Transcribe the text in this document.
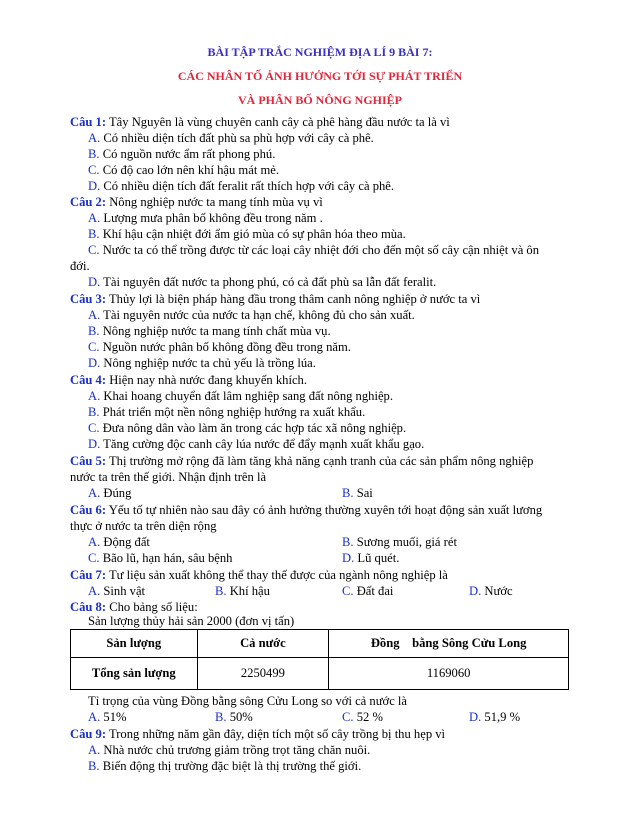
BÀI TẬP TRẮC NGHIỆM ĐỊA LÍ 9 BÀI 7:
CÁC NHÂN TỐ ẢNH HƯỞNG TỚI SỰ PHÁT TRIỂN
VÀ PHÂN BỐ NÔNG NGHIỆP
Câu 1: Tây Nguyên là vùng chuyên canh cây cà phê hàng đầu nước ta là vì
A. Có nhiều diện tích đất phù sa phù hợp với cây cà phê.
B. Có nguồn nước ẩm rất phong phú.
C. Có độ cao lớn nên khí hậu mát mẻ.
D. Có nhiều diện tích đất feralit rất thích hợp với cây cà phê.
Câu 2: Nông nghiệp nước ta mang tính mùa vụ vì
A. Lượng mưa phân bố không đều trong năm .
B. Khí hậu cận nhiệt đới ẩm gió mùa có sự phân hóa theo mùa.
C. Nước ta có thể trồng được từ các loại cây nhiệt đới cho đến một số cây cận nhiệt và ôn
đới.
D. Tài nguyên đất nước ta phong phú, có cả đất phù sa lẫn đất feralit.
Câu 3: Thủy lợi là biện pháp hàng đầu trong thâm canh nông nghiệp ở nước ta vì
A. Tài nguyên nước của nước ta hạn chế, không đủ cho sản xuất.
B. Nông nghiệp nước ta mang tính chất mùa vụ.
C. Nguồn nước phân bố không đồng đều trong năm.
D. Nông nghiệp nước ta chủ yếu là trồng lúa.
Câu 4: Hiện nay nhà nước đang khuyến khích.
A. Khai hoang chuyển đất lâm nghiệp sang đất nông nghiệp.
B. Phát triển một nền nông nghiệp hướng ra xuất khẩu.
C. Đưa nông dân vào làm ăn trong các hợp tác xã nông nghiệp.
D. Tăng cường độc canh cây lúa nước để đẩy mạnh xuất khẩu gạo.
Câu 5: Thị trường mở rộng đã làm tăng khả năng cạnh tranh của các sản phẩm nông nghiệp
nước ta trên thế giới. Nhận định trên là
A. Đúng	B. Sai
Câu 6: Yếu tố tự nhiên nào sau đây có ảnh hưởng thường xuyên tới hoạt động sản xuất lương
thực ở nước ta trên diện rộng
A. Động đất	B. Sương muối, giá rét
C. Bão lũ, hạn hán, sâu bệnh	D. Lũ quét.
Câu 7: Tư liệu sản xuất không thể thay thế được của ngành nông nghiệp là
A. Sinh vật	B. Khí hậu	C. Đất đai	D. Nước
Câu 8: Cho bảng số liệu:
Sản lượng thủy hải sản 2000 (đơn vị tấn)
Sản lượng	Cả nước	Đồng    bằng Sông Cửu Long
Tổng sản lượng	2250499	1169060
Tỉ trọng của vùng Đồng bằng sông Cửu Long so với cả nước là
A. 51%	B. 50%	C. 52 %	D. 51,9 %
Câu 9: Trong những năm gần đây, diện tích một số cây trồng bị thu hẹp vì
A. Nhà nước chủ trương giảm trồng trọt tăng chăn nuôi.
B. Biến động thị trường đặc biệt là thị trường thế giới.
